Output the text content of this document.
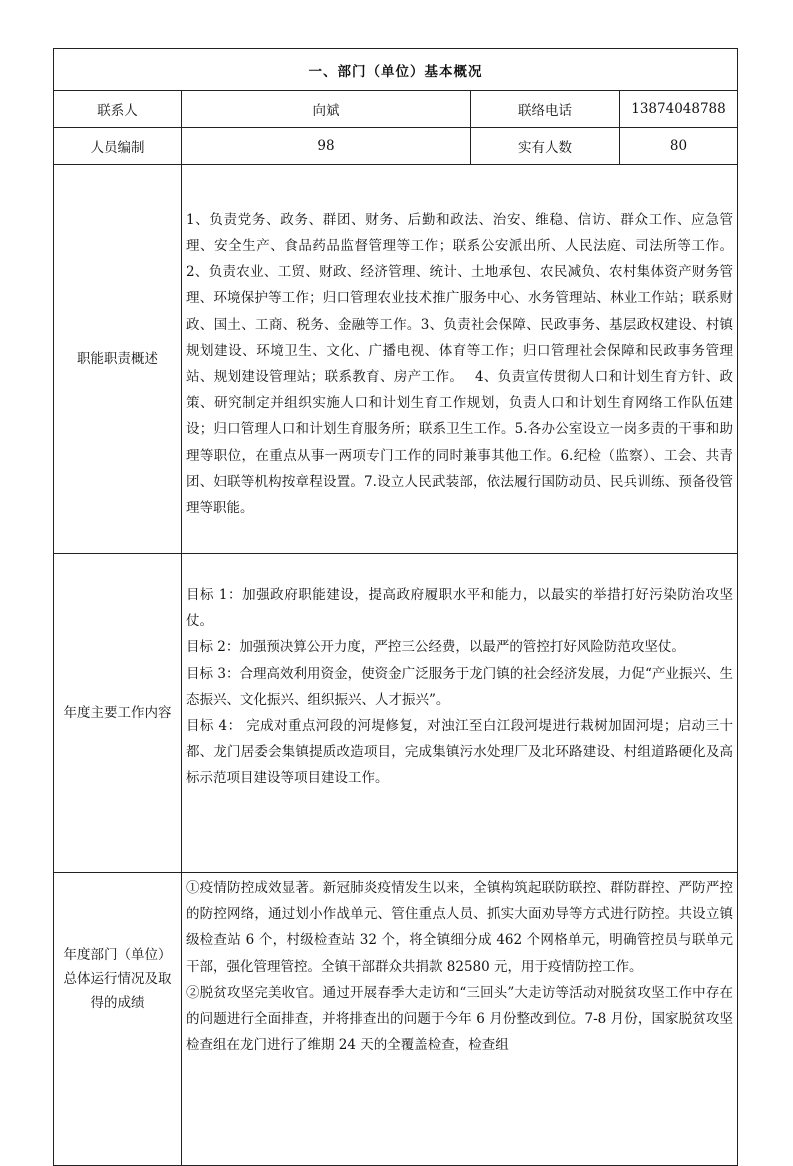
一、部门（单位）基本概况			
联系人	向斌	联络电话	13874048788
人员编制	98	实有人数	80
职能职责概述	1、负责党务、政务、群团、财务、后勤和政法、治安、维稳、信访、群众工作、应急管理、安全生产、食品药品监督管理等工作；联系公安派出所、人民法庭、司法所等工作。2、负责农业、工贸、财政、经济管理、统计、土地承包、农民减负、农村集体资产财务管理、环境保护等工作；归口管理农业技术推广服务中心、水务管理站、林业工作站；联系财政、国土、工商、税务、金融等工作。3、负责社会保障、民政事务、基层政权建设、村镇规划建设、环境卫生、文化、广播电视、体育等工作；归口管理社会保障和民政事务管理站、规划建设管理站；联系教育、房产工作。　 4、负责宣传贯彻人口和计划生育方针、政策、研究制定并组织实施人口和计划生育工作规划，负责人口和计划生育网络工作队伍建设；归口管理人口和计划生育服务所；联系卫生工作。5.各办公室设立一岗多责的干事和助理等职位，在重点从事一两项专门工作的同时兼事其他工作。6.纪检（监察）、工会、共青团、妇联等机构按章程设置。7.设立人民武装部，依法履行国防动员、民兵训练、预备役管理等职能。		
年度主要工作内容	目标 1：加强政府职能建设，提高政府履职水平和能力，以最实的举措打好污染防治攻坚仗。

目标 2：加强预决算公开力度，严控三公经费，以最严的管控打好风险防范攻坚仗。

目标 3：合理高效利用资金，使资金广泛服务于龙门镇的社会经济发展，力促“产业振兴、生态振兴、文化振兴、组织振兴、人才振兴”。

目标 4： 完成对重点河段的河堤修复，对浊江至白江段河堤进行栽树加固河堤；启动三十都、龙门居委会集镇提质改造项目，完成集镇污水处理厂及北环路建设、村组道路硬化及高标示范项目建设等项目建设工作。		

年度部门（单位）总体运行情况及取得的成绩	①疫情防控成效显著。新冠肺炎疫情发生以来，全镇构筑起联防联控、群防群控、严防严控的防控网络，通过划小作战单元、管住重点人员、抓实大面劝导等方式进行防控。共设立镇级检查站 6 个，村级检查站 32 个，将全镇细分成 462 个网格单元，明确管控员与联单元干部，强化管理管控。全镇干部群众共捐款 82580 元，用于疫情防控工作。

②脱贫攻坚完美收官。通过开展春季大走访和“三回头”大走访等活动对脱贫攻坚工作中存在的问题进行全面排查，并将排查出的问题于今年 6 月份整改到位。7-8 月份，国家脱贫攻坚检查组在龙门进行了维期 24 天的全覆盖检查，检查组		
